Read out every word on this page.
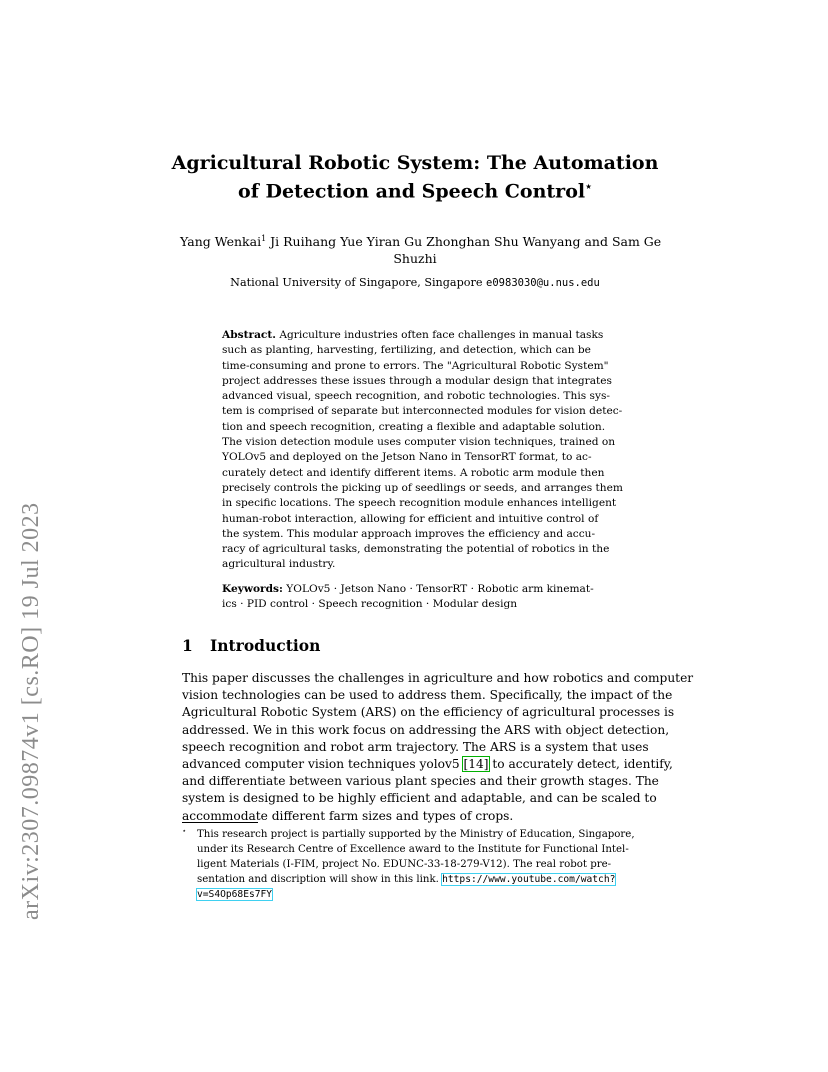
arXiv:2307.09874v1 [cs.RO] 19 Jul 2023
Agricultural Robotic System: The Automation
of Detection and Speech Control⋆
Yang Wenkai$^1$ Ji Ruihang Yue Yiran Gu Zhonghan Shu Wanyang and Sam Ge
Shuzhi
National University of Singapore, Singapore e0983030@u.nus.edu
Abstract. Agriculture industries often face challenges in manual tasks
such as planting, harvesting, fertilizing, and detection, which can be
time-consuming and prone to errors. The "Agricultural Robotic System"
project addresses these issues through a modular design that integrates
advanced visual, speech recognition, and robotic technologies. This sys-
tem is comprised of separate but interconnected modules for vision detec-
tion and speech recognition, creating a flexible and adaptable solution.
The vision detection module uses computer vision techniques, trained on
YOLOv5 and deployed on the Jetson Nano in TensorRT format, to ac-
curately detect and identify different items. A robotic arm module then
precisely controls the picking up of seedlings or seeds, and arranges them
in specific locations. The speech recognition module enhances intelligent
human-robot interaction, allowing for efficient and intuitive control of
the system. This modular approach improves the efficiency and accu-
racy of agricultural tasks, demonstrating the potential of robotics in the
agricultural industry.
Keywords: YOLOv5 · Jetson Nano · TensorRT · Robotic arm kinemat-
ics · PID control · Speech recognition · Modular design
1 Introduction
This paper discusses the challenges in agriculture and how robotics and computer
vision technologies can be used to address them. Specifically, the impact of the
Agricultural Robotic System (ARS) on the efficiency of agricultural processes is
addressed. We in this work focus on addressing the ARS with object detection,
speech recognition and robot arm trajectory. The ARS is a system that uses
advanced computer vision techniques yolov5 [14] to accurately detect, identify,
and differentiate between various plant species and their growth stages. The
system is designed to be highly efficient and adaptable, and can be scaled to
accommodate different farm sizes and types of crops.
⋆ This research project is partially supported by the Ministry of Education, Singapore,
under its Research Centre of Excellence award to the Institute for Functional Intel-
ligent Materials (I-FIM, project No. EDUNC-33-18-279-V12). The real robot pre-
sentation and discription will show in this link. https://www.youtube.com/watch?
v=S4Op68Es7FY
